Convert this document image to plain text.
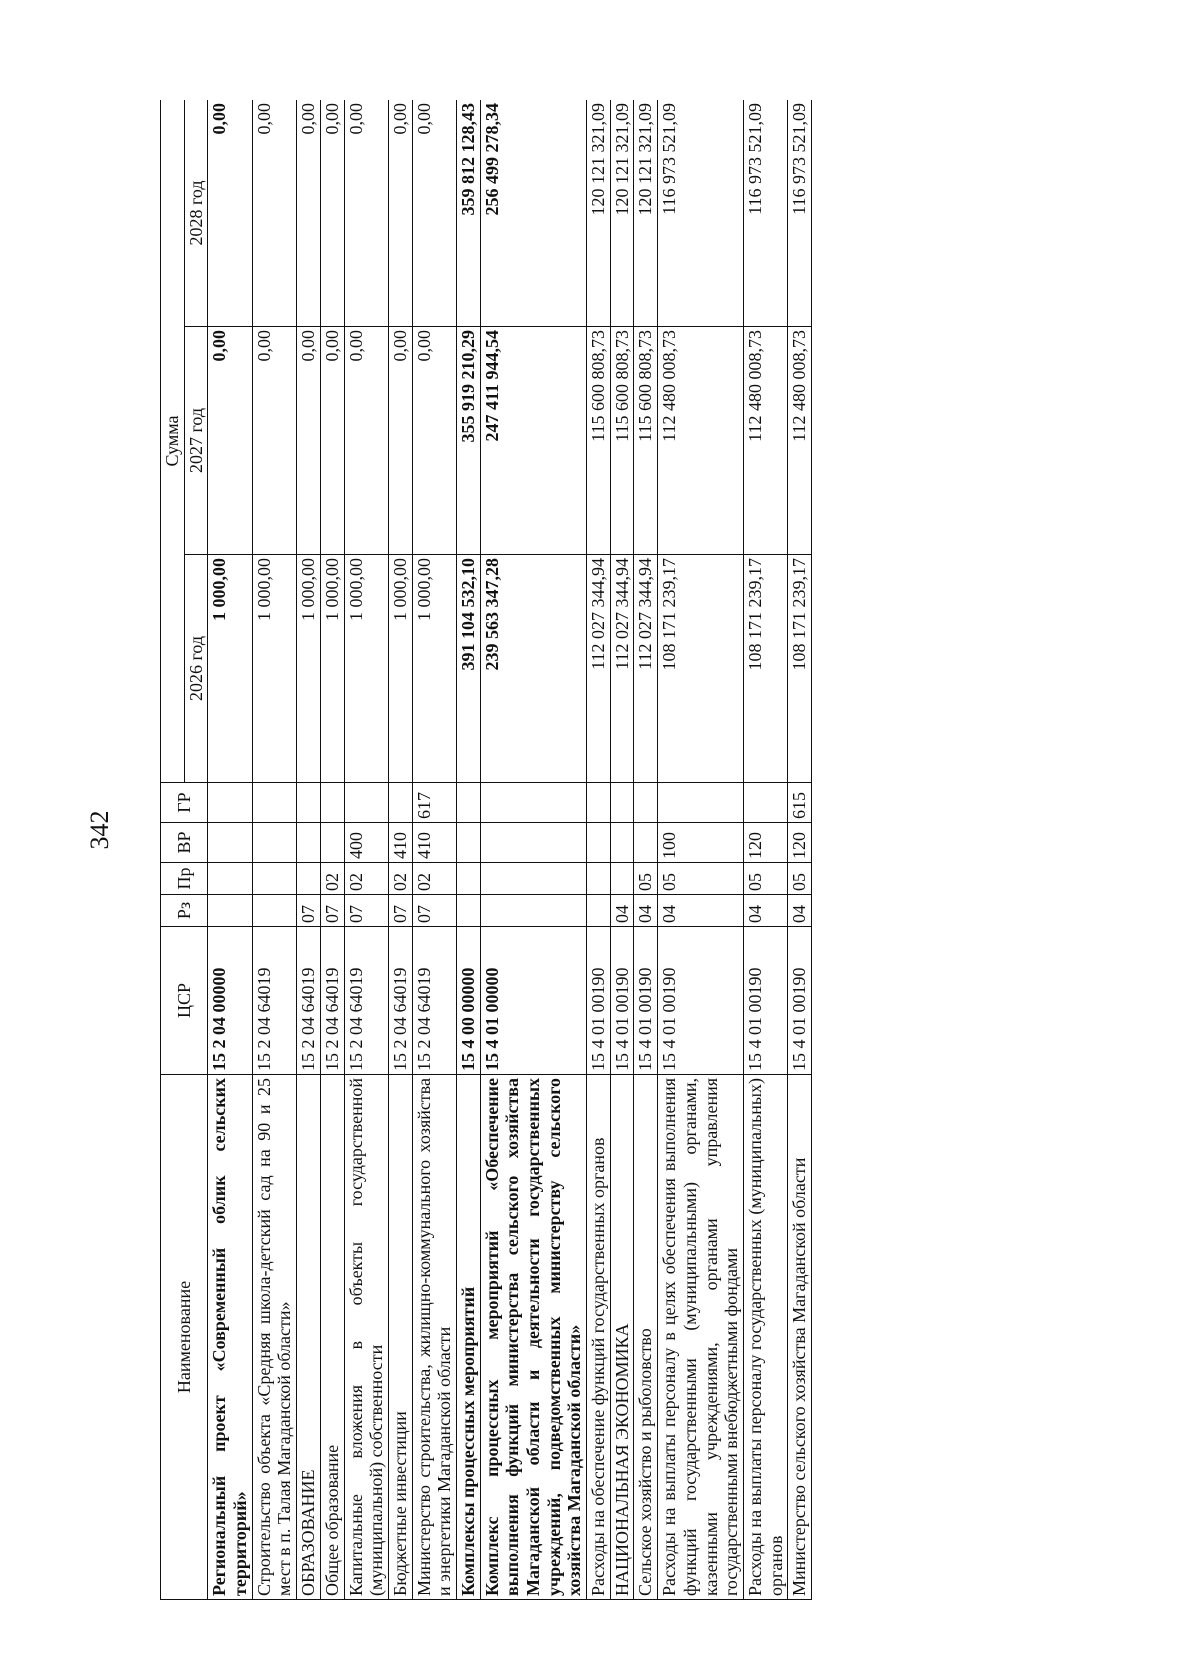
342
Наименование	ЦСР	Рз	Пр	ВР	ГР	Сумма		
						2026 год	2027 год	2028 год
Региональный проект «Современный облик сельских территорий»	15 2 04 00000					1 000,00	0,00	0,00
Строительство объекта «Средняя школа-детский сад на 90 и 25 мест в п. Талая Магаданской области»	15 2 04 64019					1 000,00	0,00	0,00
ОБРАЗОВАНИЕ	15 2 04 64019	07				1 000,00	0,00	0,00
Общее образование	15 2 04 64019	07	02			1 000,00	0,00	0,00
Капитальные вложения в объекты государственной (муниципальной) собственности	15 2 04 64019	07	02	400		1 000,00	0,00	0,00
Бюджетные инвестиции	15 2 04 64019	07	02	410		1 000,00	0,00	0,00
Министерство строительства, жилищно-коммунального хозяйства и энергетики Магаданской области	15 2 04 64019	07	02	410	617	1 000,00	0,00	0,00
Комплексы процессных мероприятий	15 4 00 00000					391 104 532,10	355 919 210,29	359 812 128,43
Комплекс процессных мероприятий «Обеспечение выполнения функций министерства сельского хозяйства Магаданской области и деятельности государственных учреждений, подведомственных министерству сельского хозяйства Магаданской области»	15 4 01 00000					239 563 347,28	247 411 944,54	256 499 278,34
Расходы на обеспечение функций государственных органов	15 4 01 00190					112 027 344,94	115 600 808,73	120 121 321,09
НАЦИОНАЛЬНАЯ ЭКОНОМИКА	15 4 01 00190	04				112 027 344,94	115 600 808,73	120 121 321,09
Сельское хозяйство и рыболовство	15 4 01 00190	04	05			112 027 344,94	115 600 808,73	120 121 321,09
Расходы на выплаты персоналу в целях обеспечения выполнения функций государственными (муниципальными) органами, казенными учреждениями, органами управления государственными внебюджетными фондами	15 4 01 00190	04	05	100		108 171 239,17	112 480 008,73	116 973 521,09
Расходы на выплаты персоналу государственных (муниципальных) органов	15 4 01 00190	04	05	120		108 171 239,17	112 480 008,73	116 973 521,09
Министерство сельского хозяйства Магаданской области	15 4 01 00190	04	05	120	615	108 171 239,17	112 480 008,73	116 973 521,09
